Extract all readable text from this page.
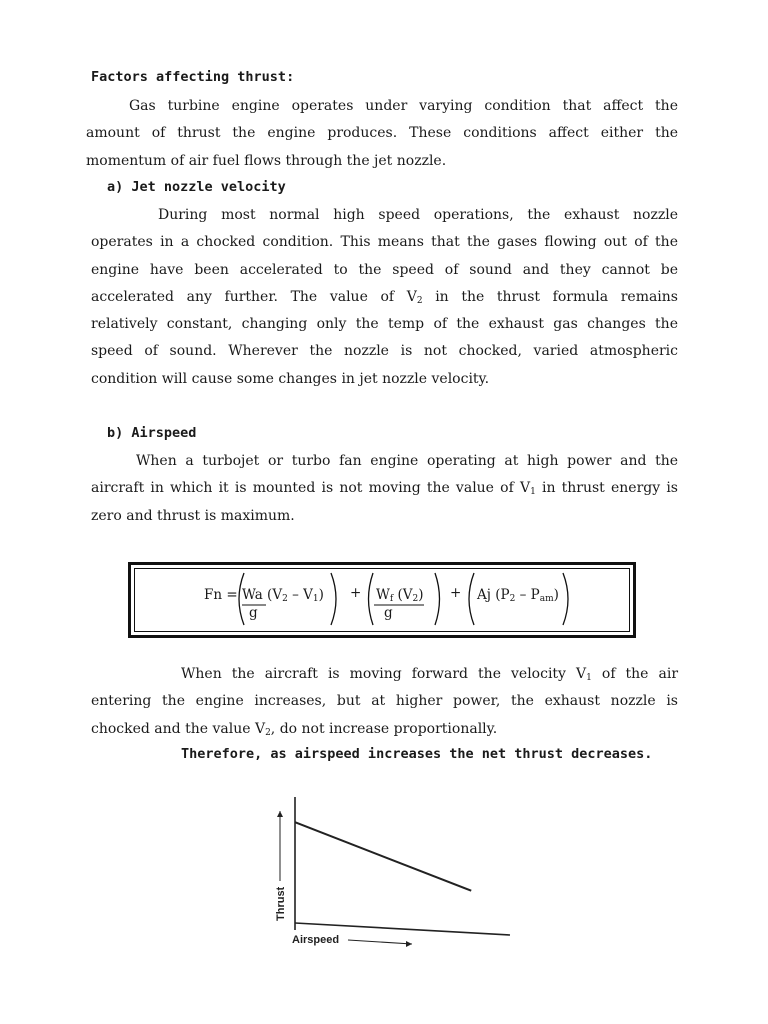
Factors affecting thrust:
Gas turbine engine operates under varying condition that affect the
amount of thrust the engine produces. These conditions affect either the
momentum of air fuel flows through the jet nozzle.
a) Jet nozzle velocity
During most normal high speed operations, the exhaust nozzle
operates in a chocked condition. This means that the gases flowing out of the
engine have been accelerated to the speed of sound and they cannot be
accelerated any further. The value of $V_2$ in the thrust formula remains
relatively constant, changing only the temp of the exhaust gas changes the
speed of sound. Wherever the nozzle is not chocked, varied atmospheric
condition will cause some changes in jet nozzle velocity.
b) Airspeed
When a turbojet or turbo fan engine operating at high power and the
aircraft in which it is mounted is not moving the value of $V_1$ in thrust energy is
zero and thrust is maximum.
Fn = Wa $(V_2 - V_1)$
g
+ $W_f$ $(V_2)$
g
+ Aj $(P_2 - P_{am})$
When the aircraft is moving forward the velocity $V_1$ of the air
entering the engine increases, but at higher power, the exhaust nozzle is
chocked and the value $V_2$, do not increase proportionally.
Therefore, as airspeed increases the net thrust decreases.
Thrust
Airspeed
